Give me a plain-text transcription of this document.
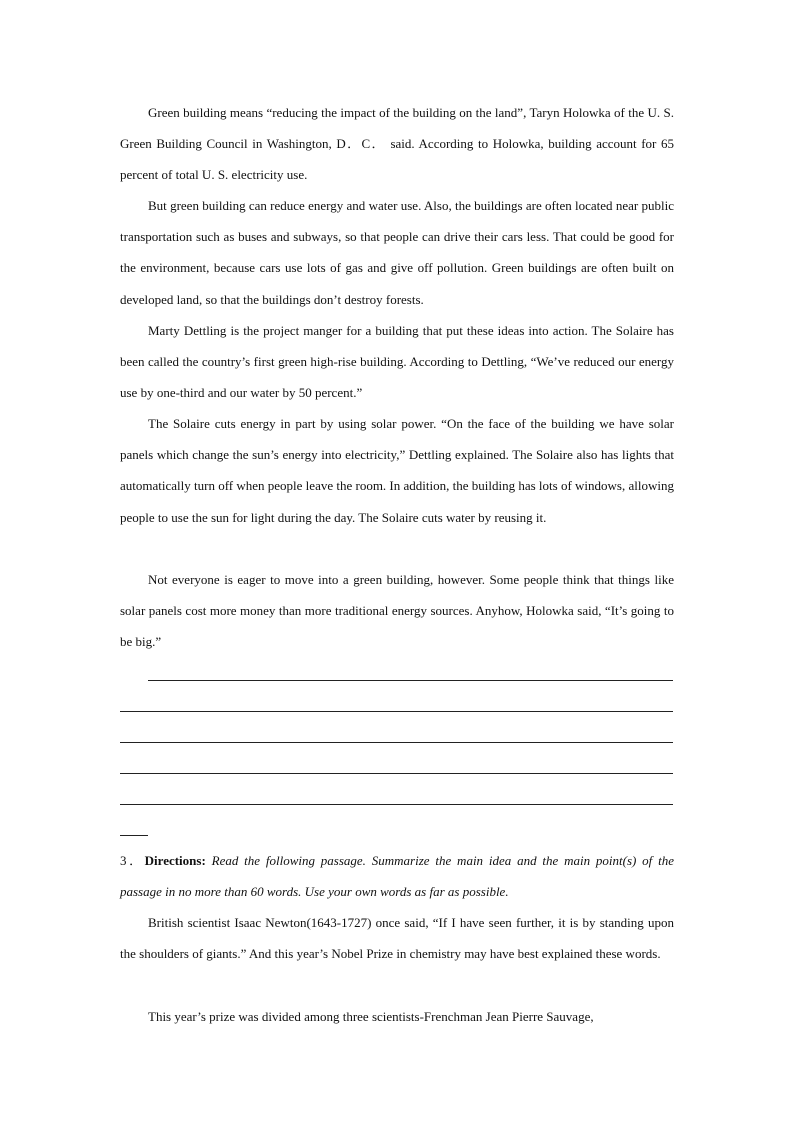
Green building means “reducing the impact of the building on the land”, Taryn Holowka of the U. S. Green Building Council in Washington, D．C． said. According to Holowka, building account for 65 percent of total U. S. electricity use.

But green building can reduce energy and water use. Also, the buildings are often located near public transportation such as buses and subways, so that people can drive their cars less. That could be good for the environment, because cars use lots of gas and give off pollution. Green buildings are often built on developed land, so that the buildings don’t destroy forests.

Marty Dettling is the project manger for a building that put these ideas into action. The Solaire has been called the country’s first green high-rise building. According to Dettling, “We’ve reduced our energy use by one-third and our water by 50 percent.”

The Solaire cuts energy in part by using solar power. “On the face of the building we have solar panels which change the sun’s energy into electricity,” Dettling explained. The Solaire also has lights that automatically turn off when people leave the room. In addition, the building has lots of windows, allowing people to use the sun for light during the day. The Solaire cuts water by reusing it.

Not everyone is eager to move into a green building, however. Some people think that things like solar panels cost more money than more traditional energy sources. Anyhow, Holowka said, “It’s going to be big.”

3．Directions: Read the following passage. Summarize the main idea and the main point(s) of the passage in no more than 60 words. Use your own words as far as possible.

British scientist Isaac Newton(1643-1727) once said, “If I have seen further, it is by standing upon the shoulders of giants.” And this year’s Nobel Prize in chemistry may have best explained these words.

This year’s prize was divided among three scientists-Frenchman Jean Pierre Sauvage,
